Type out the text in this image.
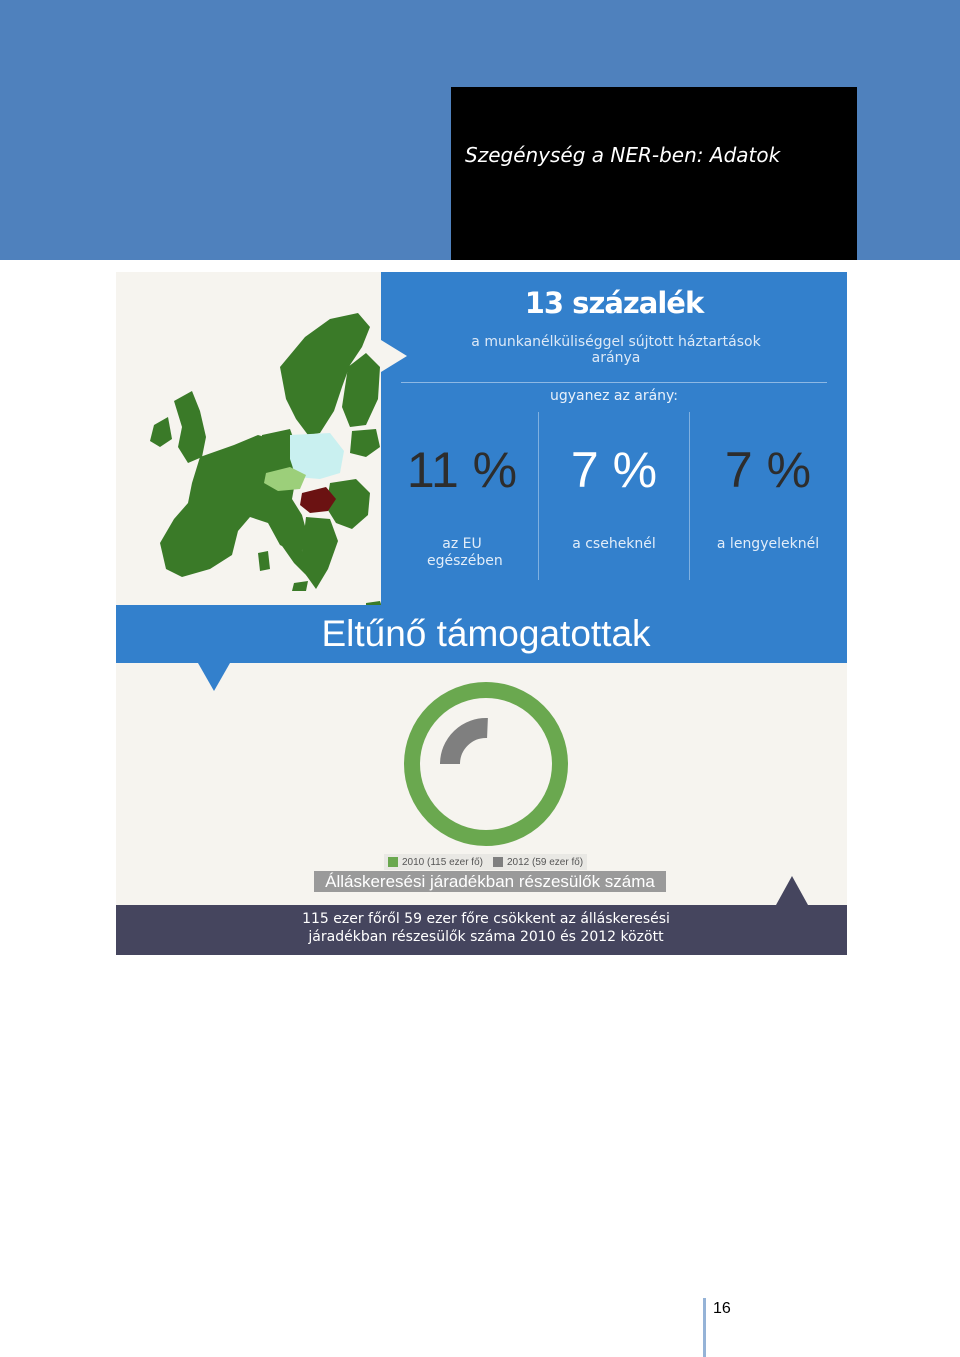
Szegénység a NER-ben: Adatok
13 százalék
a munkanélküliséggel sújtott háztartások aránya
ugyanez az arány:
11 %
az EU egészében
7 %
a cseheknél
7 %
a lengyeleknél
Eltűnő támogatottak
2010 (115 ezer fő) 2012 (59 ezer fő)
Álláskeresési járadékban részesülők száma
115 ezer főről 59 ezer főre csökkent az álláskeresési járadékban részesülők száma 2010 és 2012 között
16
